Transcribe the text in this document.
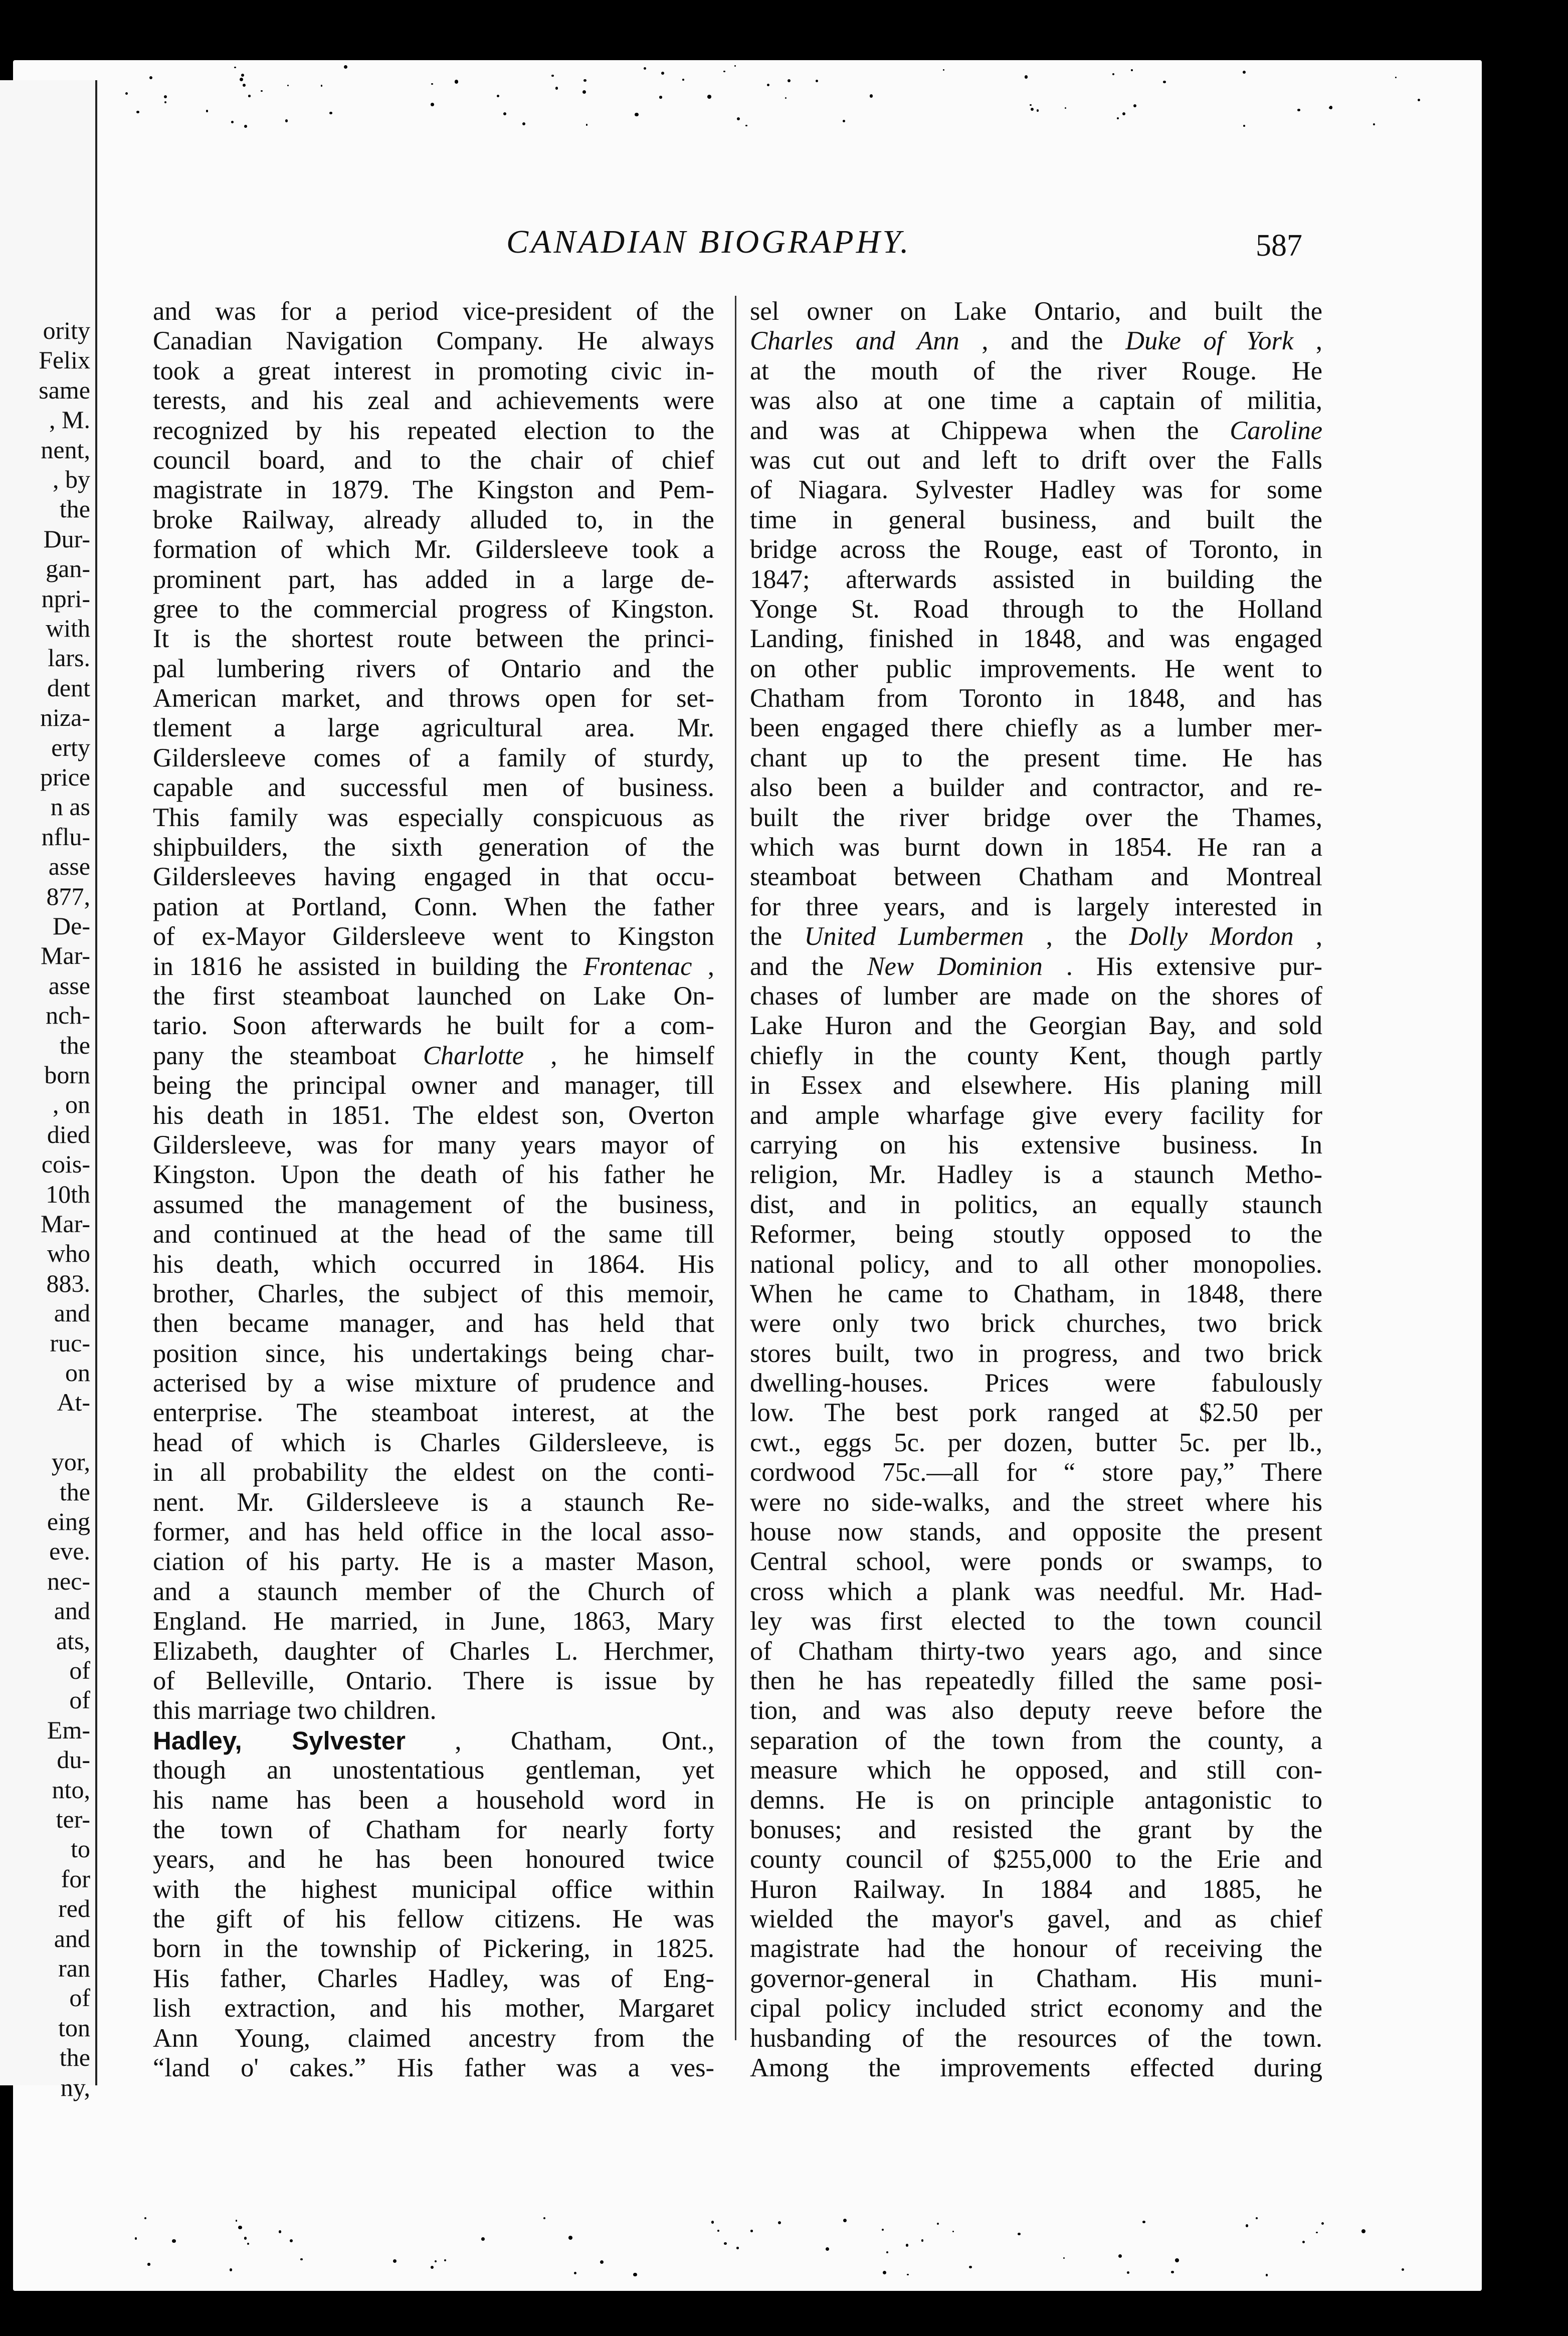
ority
Felix
same
, M.
nent,
, by
the
Dur-
gan-
npri-
with
lars.
dent
niza-
erty
price
n as
nflu-
asse
877,
De-
Mar-
asse
nch-
the
born
, on
died
cois-
10th
Mar-
who
883.
and
ruc-
on
At-
yor,
the
eing
eve.
nec-
and
ats,
of
of
Em-
du-
nto,
ter-
to
for
red
and
ran
of
ton
the
ny,
CANADIAN BIOGRAPHY.	587
and was for a period vice-president of the
Canadian Navigation Company. He always
took a great interest in promoting civic in-
terests, and his zeal and achievements were
recognized by his repeated election to the
council board, and to the chair of chief
magistrate in 1879. The Kingston and Pem-
broke Railway, already alluded to, in the
formation of which Mr. Gildersleeve took a
prominent part, has added in a large de-
gree to the commercial progress of Kingston.
It is the shortest route between the princi-
pal lumbering rivers of Ontario and the
American market, and throws open for set-
tlement a large agricultural area. Mr.
Gildersleeve comes of a family of sturdy,
capable and successful men of business.
This family was especially conspicuous as
shipbuilders, the sixth generation of the
Gildersleeves having engaged in that occu-
pation at Portland, Conn. When the father
of ex-Mayor Gildersleeve went to Kingston
in 1816 he assisted in building the Frontenac ,
the first steamboat launched on Lake On-
tario. Soon afterwards he built for a com-
pany the steamboat Charlotte , he himself
being the principal owner and manager, till
his death in 1851. The eldest son, Overton
Gildersleeve, was for many years mayor of
Kingston. Upon the death of his father he
assumed the management of the business,
and continued at the head of the same till
his death, which occurred in 1864. His
brother, Charles, the subject of this memoir,
then became manager, and has held that
position since, his undertakings being char-
acterised by a wise mixture of prudence and
enterprise. The steamboat interest, at the
head of which is Charles Gildersleeve, is
in all probability the eldest on the conti-
nent. Mr. Gildersleeve is a staunch Re-
former, and has held office in the local asso-
ciation of his party. He is a master Mason,
and a staunch member of the Church of
England. He married, in June, 1863, Mary
Elizabeth, daughter of Charles L. Herchmer,
of Belleville, Ontario. There is issue by
this marriage two children.
Hadley, Sylvester , Chatham, Ont.,
though an unostentatious gentleman, yet
his name has been a household word in
the town of Chatham for nearly forty
years, and he has been honoured twice
with the highest municipal office within
the gift of his fellow citizens. He was
born in the township of Pickering, in 1825.
His father, Charles Hadley, was of Eng-
lish extraction, and his mother, Margaret
Ann Young, claimed ancestry from the
“land o' cakes.” His father was a ves-
sel owner on Lake Ontario, and built the
Charles and Ann , and the Duke of York ,
at the mouth of the river Rouge. He
was also at one time a captain of militia,
and was at Chippewa when the Caroline
was cut out and left to drift over the Falls
of Niagara. Sylvester Hadley was for some
time in general business, and built the
bridge across the Rouge, east of Toronto, in
1847; afterwards assisted in building the
Yonge St. Road through to the Holland
Landing, finished in 1848, and was engaged
on other public improvements. He went to
Chatham from Toronto in 1848, and has
been engaged there chiefly as a lumber mer-
chant up to the present time. He has
also been a builder and contractor, and re-
built the river bridge over the Thames,
which was burnt down in 1854. He ran a
steamboat between Chatham and Montreal
for three years, and is largely interested in
the United Lumbermen , the Dolly Mordon ,
and the New Dominion . His extensive pur-
chases of lumber are made on the shores of
Lake Huron and the Georgian Bay, and sold
chiefly in the county Kent, though partly
in Essex and elsewhere. His planing mill
and ample wharfage give every facility for
carrying on his extensive business. In
religion, Mr. Hadley is a staunch Metho-
dist, and in politics, an equally staunch
Reformer, being stoutly opposed to the
national policy, and to all other monopolies.
When he came to Chatham, in 1848, there
were only two brick churches, two brick
stores built, two in progress, and two brick
dwelling-houses. Prices were fabulously
low. The best pork ranged at $2.50 per
cwt., eggs 5c. per dozen, butter 5c. per lb.,
cordwood 75c.—all for “ store pay,” There
were no side-walks, and the street where his
house now stands, and opposite the present
Central school, were ponds or swamps, to
cross which a plank was needful. Mr. Had-
ley was first elected to the town council
of Chatham thirty-two years ago, and since
then he has repeatedly filled the same posi-
tion, and was also deputy reeve before the
separation of the town from the county, a
measure which he opposed, and still con-
demns. He is on principle antagonistic to
bonuses; and resisted the grant by the
county council of $255,000 to the Erie and
Huron Railway. In 1884 and 1885, he
wielded the mayor's gavel, and as chief
magistrate had the honour of receiving the
governor-general in Chatham. His muni-
cipal policy included strict economy and the
husbanding of the resources of the town.
Among the improvements effected during
